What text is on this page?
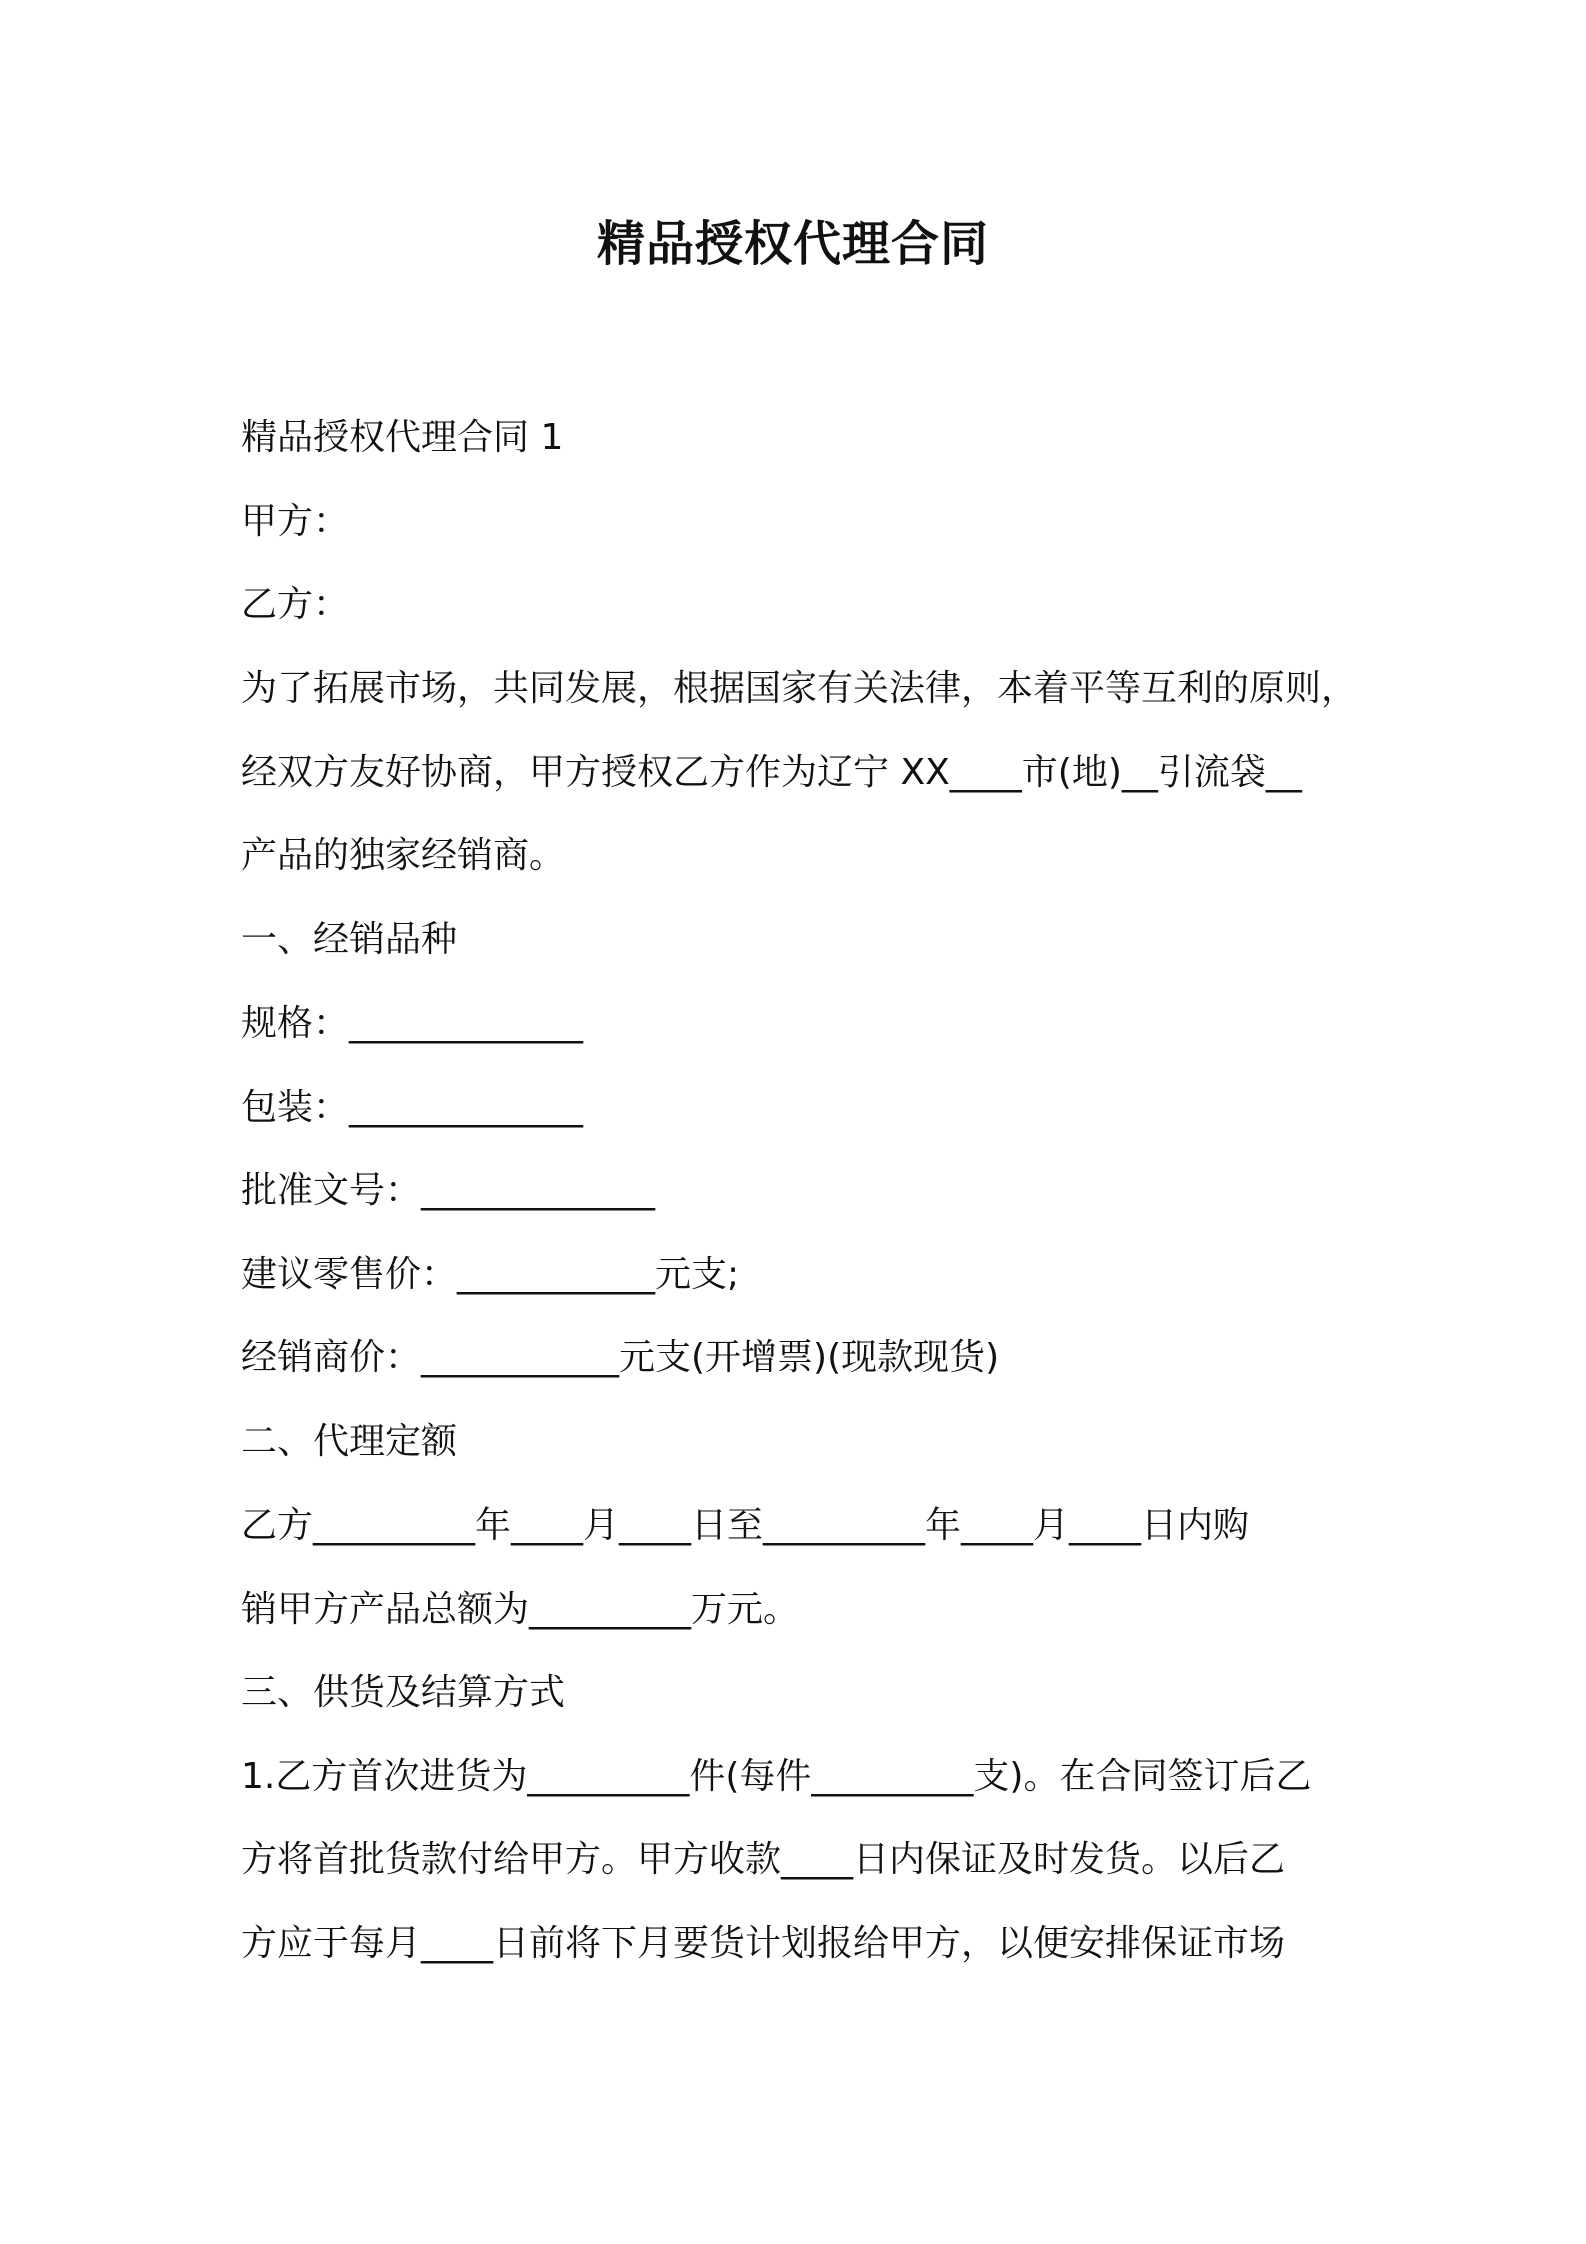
精品授权代理合同
精品授权代理合同 1
甲方：
乙方：
为了拓展市场，共同发展，根据国家有关法律，本着平等互利的原则，
经双方友好协商，甲方授权乙方作为辽宁 XX____市(地)__引流袋__
产品的独家经销商。
一、经销品种
规格：_____________
包装：_____________
批准文号：_____________
建议零售价：___________元支;
经销商价：___________元支(开增票)(现款现货)
二、代理定额
乙方_________年____月____日至_________年____月____日内购
销甲方产品总额为_________万元。
三、供货及结算方式
1.乙方首次进货为_________件(每件_________支)。在合同签订后乙
方将首批货款付给甲方。甲方收款____日内保证及时发货。以后乙
方应于每月____日前将下月要货计划报给甲方，以便安排保证市场
